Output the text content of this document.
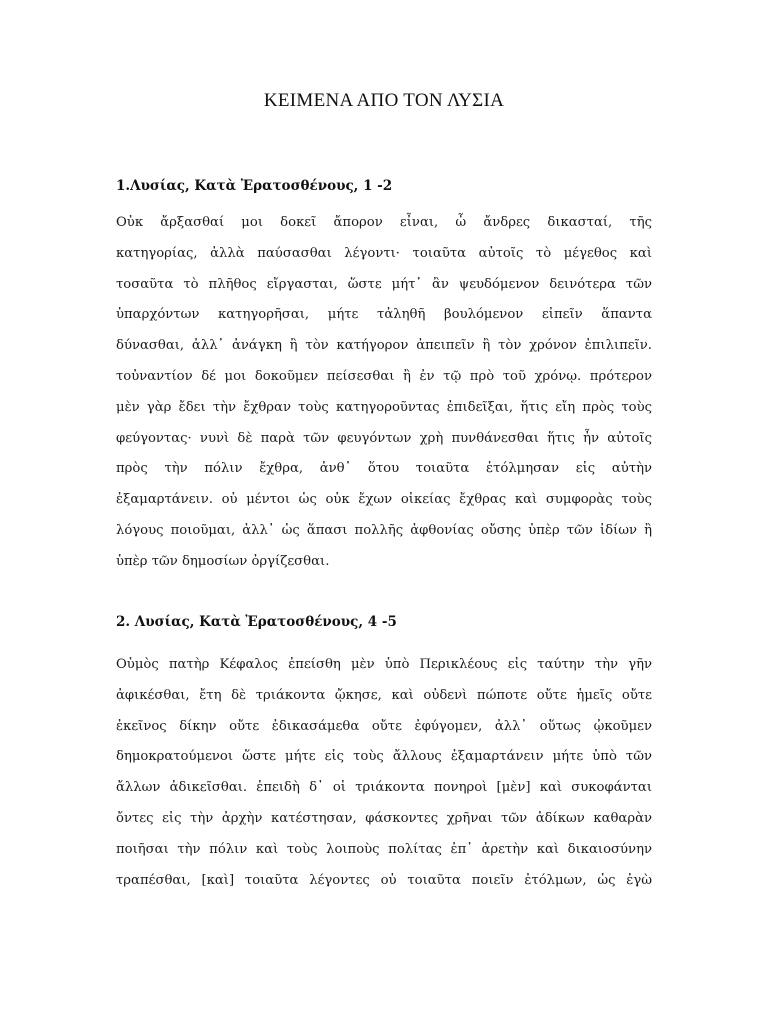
ΚΕΙΜΕΝΑ ΑΠΟ ΤΟΝ ΛΥΣΙΑ
1.Λυσίας, Κατὰ Ἐρατοσθένους, 1 -2
Οὐκ ἄρξασθαί μοι δοκεῖ ἄπορον εἶναι, ὦ ἄνδρες δικασταί, τῆς
κατηγορίας, ἀλλὰ παύσασθαι λέγοντι· τοιαῦτα αὐτοῖς τὸ μέγεθος καὶ
τοσαῦτα τὸ πλῆθος εἴργασται, ὥστε μήτ᾽ ἂν ψευδόμενον δεινότερα τῶν
ὑπαρχόντων κατηγορῆσαι, μήτε τἀληθῆ βουλόμενον εἰπεῖν ἅπαντα
δύνασθαι, ἀλλ᾽ ἀνάγκη ἢ τὸν κατήγορον ἀπειπεῖν ἢ τὸν χρόνον ἐπιλιπεῖν.
τοὐναντίον δέ μοι δοκοῦμεν πείσεσθαι ἢ ἐν τῷ πρὸ τοῦ χρόνῳ. πρότερον
μὲν γὰρ ἔδει τὴν ἔχθραν τοὺς κατηγοροῦντας ἐπιδεῖξαι, ἥτις εἴη πρὸς τοὺς
φεύγοντας· νυνὶ δὲ παρὰ τῶν φευγόντων χρὴ πυνθάνεσθαι ἥτις ἦν αὐτοῖς
πρὸς τὴν πόλιν ἔχθρα, ἀνθ᾽ ὅτου τοιαῦτα ἐτόλμησαν εἰς αὐτὴν
ἐξαμαρτάνειν. οὐ μέντοι ὡς οὐκ ἔχων οἰκείας ἔχθρας καὶ συμφορὰς τοὺς
λόγους ποιοῦμαι, ἀλλ᾽ ὡς ἅπασι πολλῆς ἀφθονίας οὔσης ὑπὲρ τῶν ἰδίων ἢ
ὑπὲρ τῶν δημοσίων ὀργίζεσθαι.
2. Λυσίας, Κατὰ Ἐρατοσθένους, 4 -5
Οὑμὸς πατὴρ Κέφαλος ἐπείσθη μὲν ὑπὸ Περικλέους εἰς ταύτην τὴν γῆν
ἀφικέσθαι, ἔτη δὲ τριάκοντα ᾤκησε, καὶ οὐδενὶ πώποτε οὔτε ἡμεῖς οὔτε
ἐκεῖνος δίκην οὔτε ἐδικασάμεθα οὔτε ἐφύγομεν, ἀλλ᾽ οὕτως ᾠκοῦμεν
δημοκρατούμενοι ὥστε μήτε εἰς τοὺς ἄλλους ἐξαμαρτάνειν μήτε ὑπὸ τῶν
ἄλλων ἀδικεῖσθαι. ἐπειδὴ δ᾽ οἱ τριάκοντα πονηροὶ [μὲν] καὶ συκοφάνται
ὄντες εἰς τὴν ἀρχὴν κατέστησαν, φάσκοντες χρῆναι τῶν ἀδίκων καθαρὰν
ποιῆσαι τὴν πόλιν καὶ τοὺς λοιποὺς πολίτας ἐπ᾽ ἀρετὴν καὶ δικαιοσύνην
τραπέσθαι, [καὶ] τοιαῦτα λέγοντες οὐ τοιαῦτα ποιεῖν ἐτόλμων, ὡς ἐγὼ
